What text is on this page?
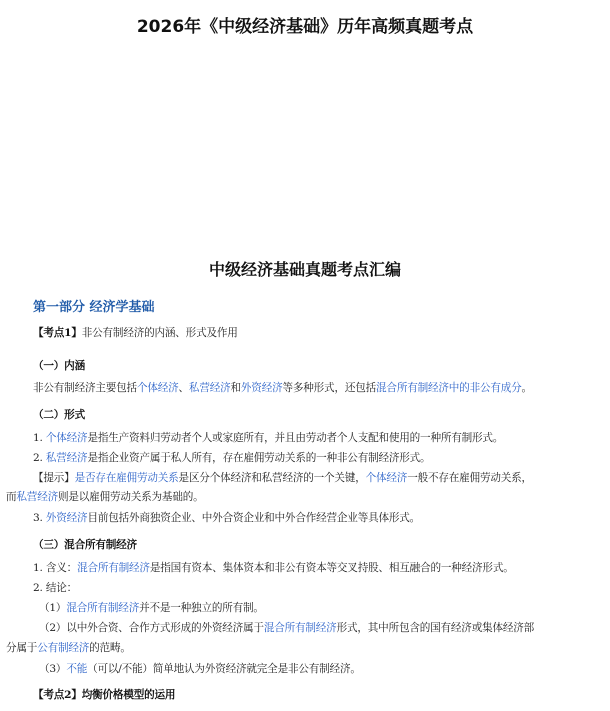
2026年《中级经济基础》历年高频真题考点
中级经济基础真题考点汇编
第一部分 经济学基础
【考点1】非公有制经济的内涵、形式及作用
（一）内涵
非公有制经济主要包括个体经济、私营经济和外资经济等多种形式，还包括混合所有制经济中的非公有成分。
（二）形式
1. 个体经济是指生产资料归劳动者个人或家庭所有，并且由劳动者个人支配和使用的一种所有制形式。
2. 私营经济是指企业资产属于私人所有，存在雇佣劳动关系的一种非公有制经济形式。
【提示】是否存在雇佣劳动关系是区分个体经济和私营经济的一个关键，个体经济一般不存在雇佣劳动关系，
而私营经济则是以雇佣劳动关系为基础的。
3. 外资经济目前包括外商独资企业、中外合资企业和中外合作经营企业等具体形式。
（三）混合所有制经济
1. 含义：混合所有制经济是指国有资本、集体资本和非公有资本等交叉持股、相互融合的一种经济形式。
2. 结论：
（1）混合所有制经济并不是一种独立的所有制。
（2）以中外合资、合作方式形成的外资经济属于混合所有制经济形式，其中所包含的国有经济或集体经济部
分属于公有制经济的范畴。
（3）不能（可以/不能）简单地认为外资经济就完全是非公有制经济。
【考点2】均衡价格模型的运用
